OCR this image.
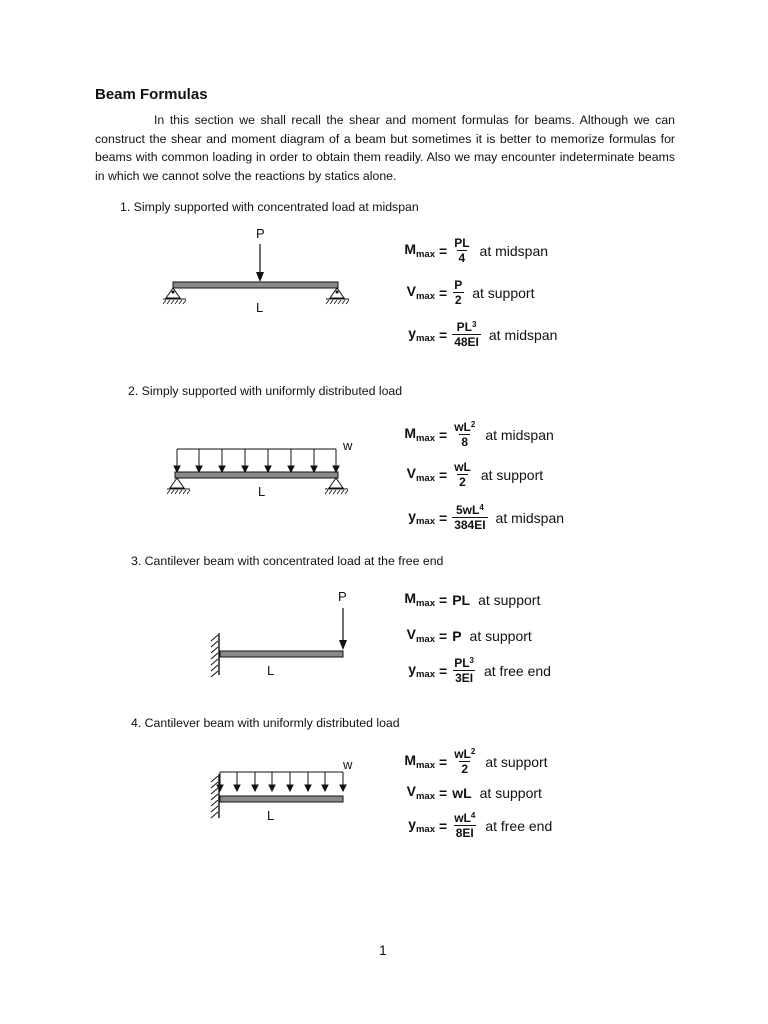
Beam Formulas
In this section we shall recall the shear and moment formulas for beams. Although we can construct the shear and moment diagram of a beam but sometimes it is better to memorize formulas for beams with common loading in order to obtain them readily. Also we may encounter indeterminate beams in which we cannot solve the reactions by statics alone.
1. Simply supported with concentrated load at midspan
P
L
$M_{max} = \frac{PL}{4}$ at midspan
$V_{max} = \frac{P}{2}$ at support
$y_{max} = \frac{PL^3}{48EI}$ at midspan
2. Simply supported with uniformly distributed load
w
L
$M_{max} = \frac{wL^2}{8}$ at midspan
$V_{max} = \frac{wL}{2}$ at support
$y_{max} = \frac{5wL^4}{384EI}$ at midspan
3. Cantilever beam with concentrated load at the free end
P
L
$M_{max}$ = PL at support
$V_{max} = P$ at support
$y_{max} = \frac{PL^3}{3EI}$ at free end
4. Cantilever beam with uniformly distributed load
w
L
$M_{max} = \frac{wL^2}{2}$ at support
$V_{max}$ = wL at support
$y_{max} = \frac{wL^4}{8EI}$ at free end
1
